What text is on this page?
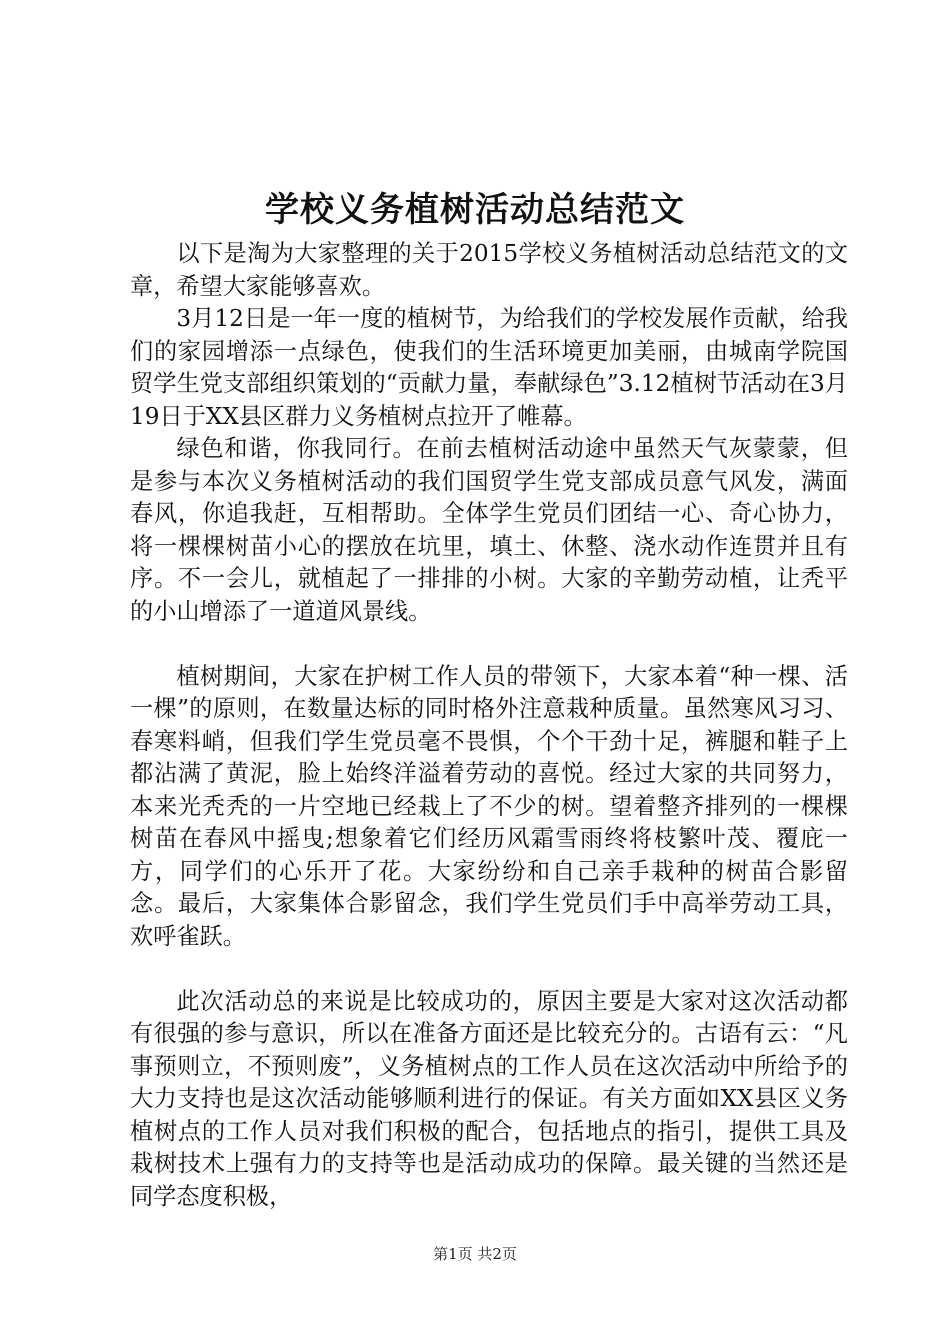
学校义务植树活动总结范文

以下是淘为大家整理的关于2015学校义务植树活动总结范文的文章，希望大家能够喜欢。

3月12日是一年一度的植树节，为给我们的学校发展作贡献，给我们的家园增添一点绿色，使我们的生活环境更加美丽，由城南学院国贸学生党支部组织策划的“贡献力量，奉献绿色”3.12植树节活动在3月19日于XX县区群力义务植树点拉开了帷幕。

绿色和谐，你我同行。在前去植树活动途中虽然天气灰蒙蒙，但是参与本次义务植树活动的我们国贸学生党支部成员意气风发，满面春风，你追我赶，互相帮助。全体学生党员们团结一心、奇心协力，将一棵棵树苗小心的摆放在坑里，填土、休整、浇水动作连贯并且有序。不一会儿，就植起了一排排的小树。大家的辛勤劳动植，让秃平的小山增添了一道道风景线。

植树期间，大家在护树工作人员的带领下，大家本着“种一棵、活一棵”的原则，在数量达标的同时格外注意栽种质量。虽然寒风习习、春寒料峭，但我们学生党员毫不畏惧，个个干劲十足，裤腿和鞋子上都沾满了黄泥，脸上始终洋溢着劳动的喜悦。经过大家的共同努力，本来光秃秃的一片空地已经栽上了不少的树。望着整齐排列的一棵棵树苗在春风中摇曳;想象着它们经历风霜雪雨终将枝繁叶茂、覆庇一方，同学们的心乐开了花。大家纷纷和自己亲手栽种的树苗合影留念。最后，大家集体合影留念，我们学生党员们手中高举劳动工具，欢呼雀跃。

此次活动总的来说是比较成功的，原因主要是大家对这次活动都有很强的参与意识，所以在准备方面还是比较充分的。古语有云：“凡事预则立，不预则废”，义务植树点的工作人员在这次活动中所给予的大力支持也是这次活动能够顺利进行的保证。有关方面如XX县区义务植树点的工作人员对我们积极的配合，包括地点的指引，提供工具及栽树技术上强有力的支持等也是活动成功的保障。最关键的当然还是同学态度积极，

第1页 共2页
